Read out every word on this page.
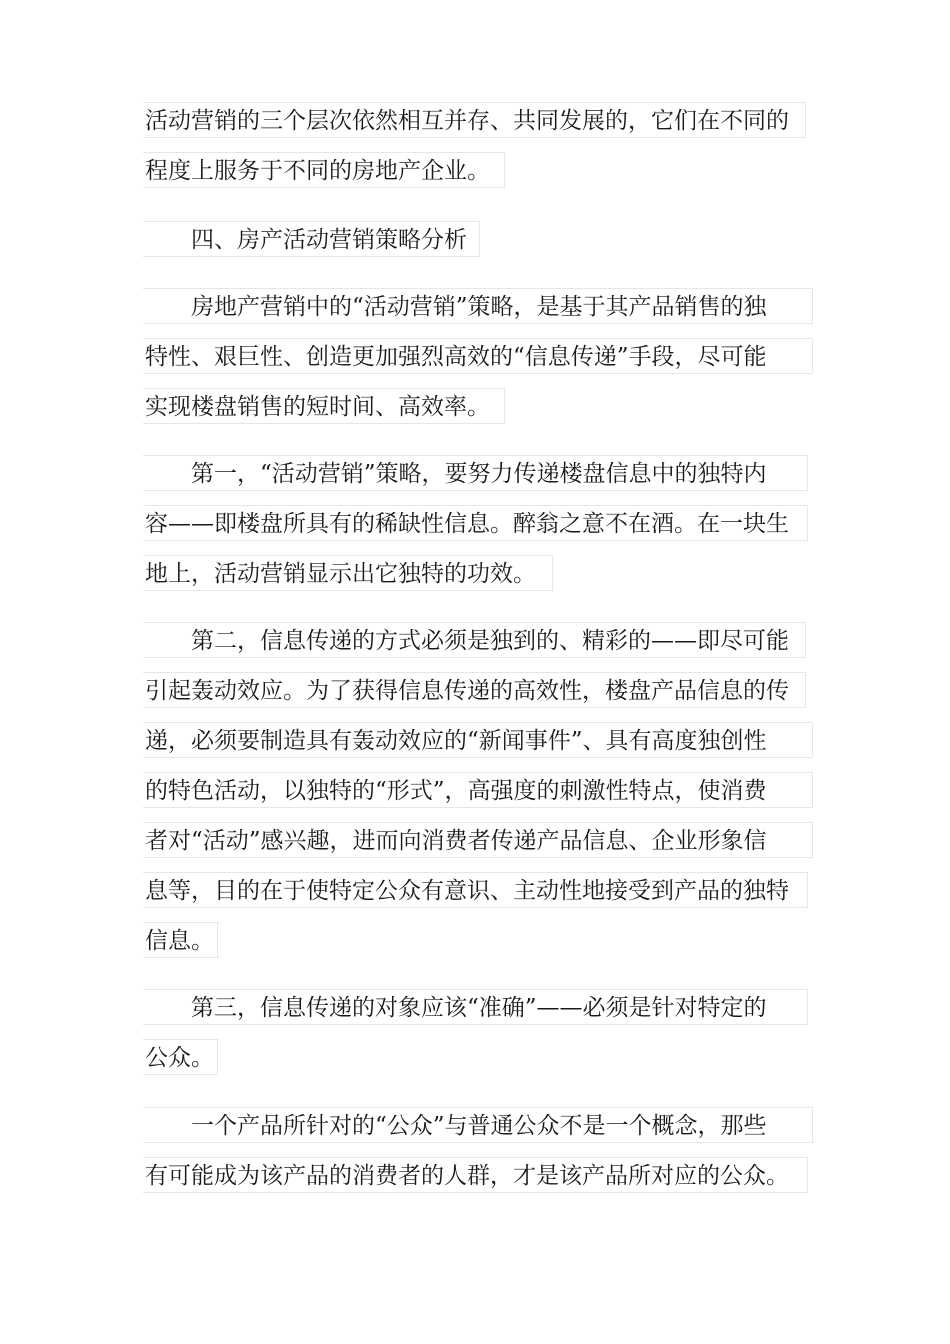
活动营销的三个层次依然相互并存、共同发展的，它们在不同的
程度上服务于不同的房地产企业。
四、房产活动营销策略分析
房地产营销中的“活动营销”策略，是基于其产品销售的独
特性、艰巨性、创造更加强烈高效的“信息传递”手段，尽可能
实现楼盘销售的短时间、高效率。
第一，“活动营销”策略，要努力传递楼盘信息中的独特内
容——即楼盘所具有的稀缺性信息。醉翁之意不在酒。在一块生
地上，活动营销显示出它独特的功效。
第二，信息传递的方式必须是独到的、精彩的——即尽可能
引起轰动效应。为了获得信息传递的高效性，楼盘产品信息的传
递，必须要制造具有轰动效应的“新闻事件”、具有高度独创性
的特色活动，以独特的“形式”，高强度的刺激性特点，使消费
者对“活动”感兴趣，进而向消费者传递产品信息、企业形象信
息等，目的在于使特定公众有意识、主动性地接受到产品的独特
信息。
第三，信息传递的对象应该“准确”——必须是针对特定的
公众。
一个产品所针对的“公众”与普通公众不是一个概念，那些
有可能成为该产品的消费者的人群，才是该产品所对应的公众。
